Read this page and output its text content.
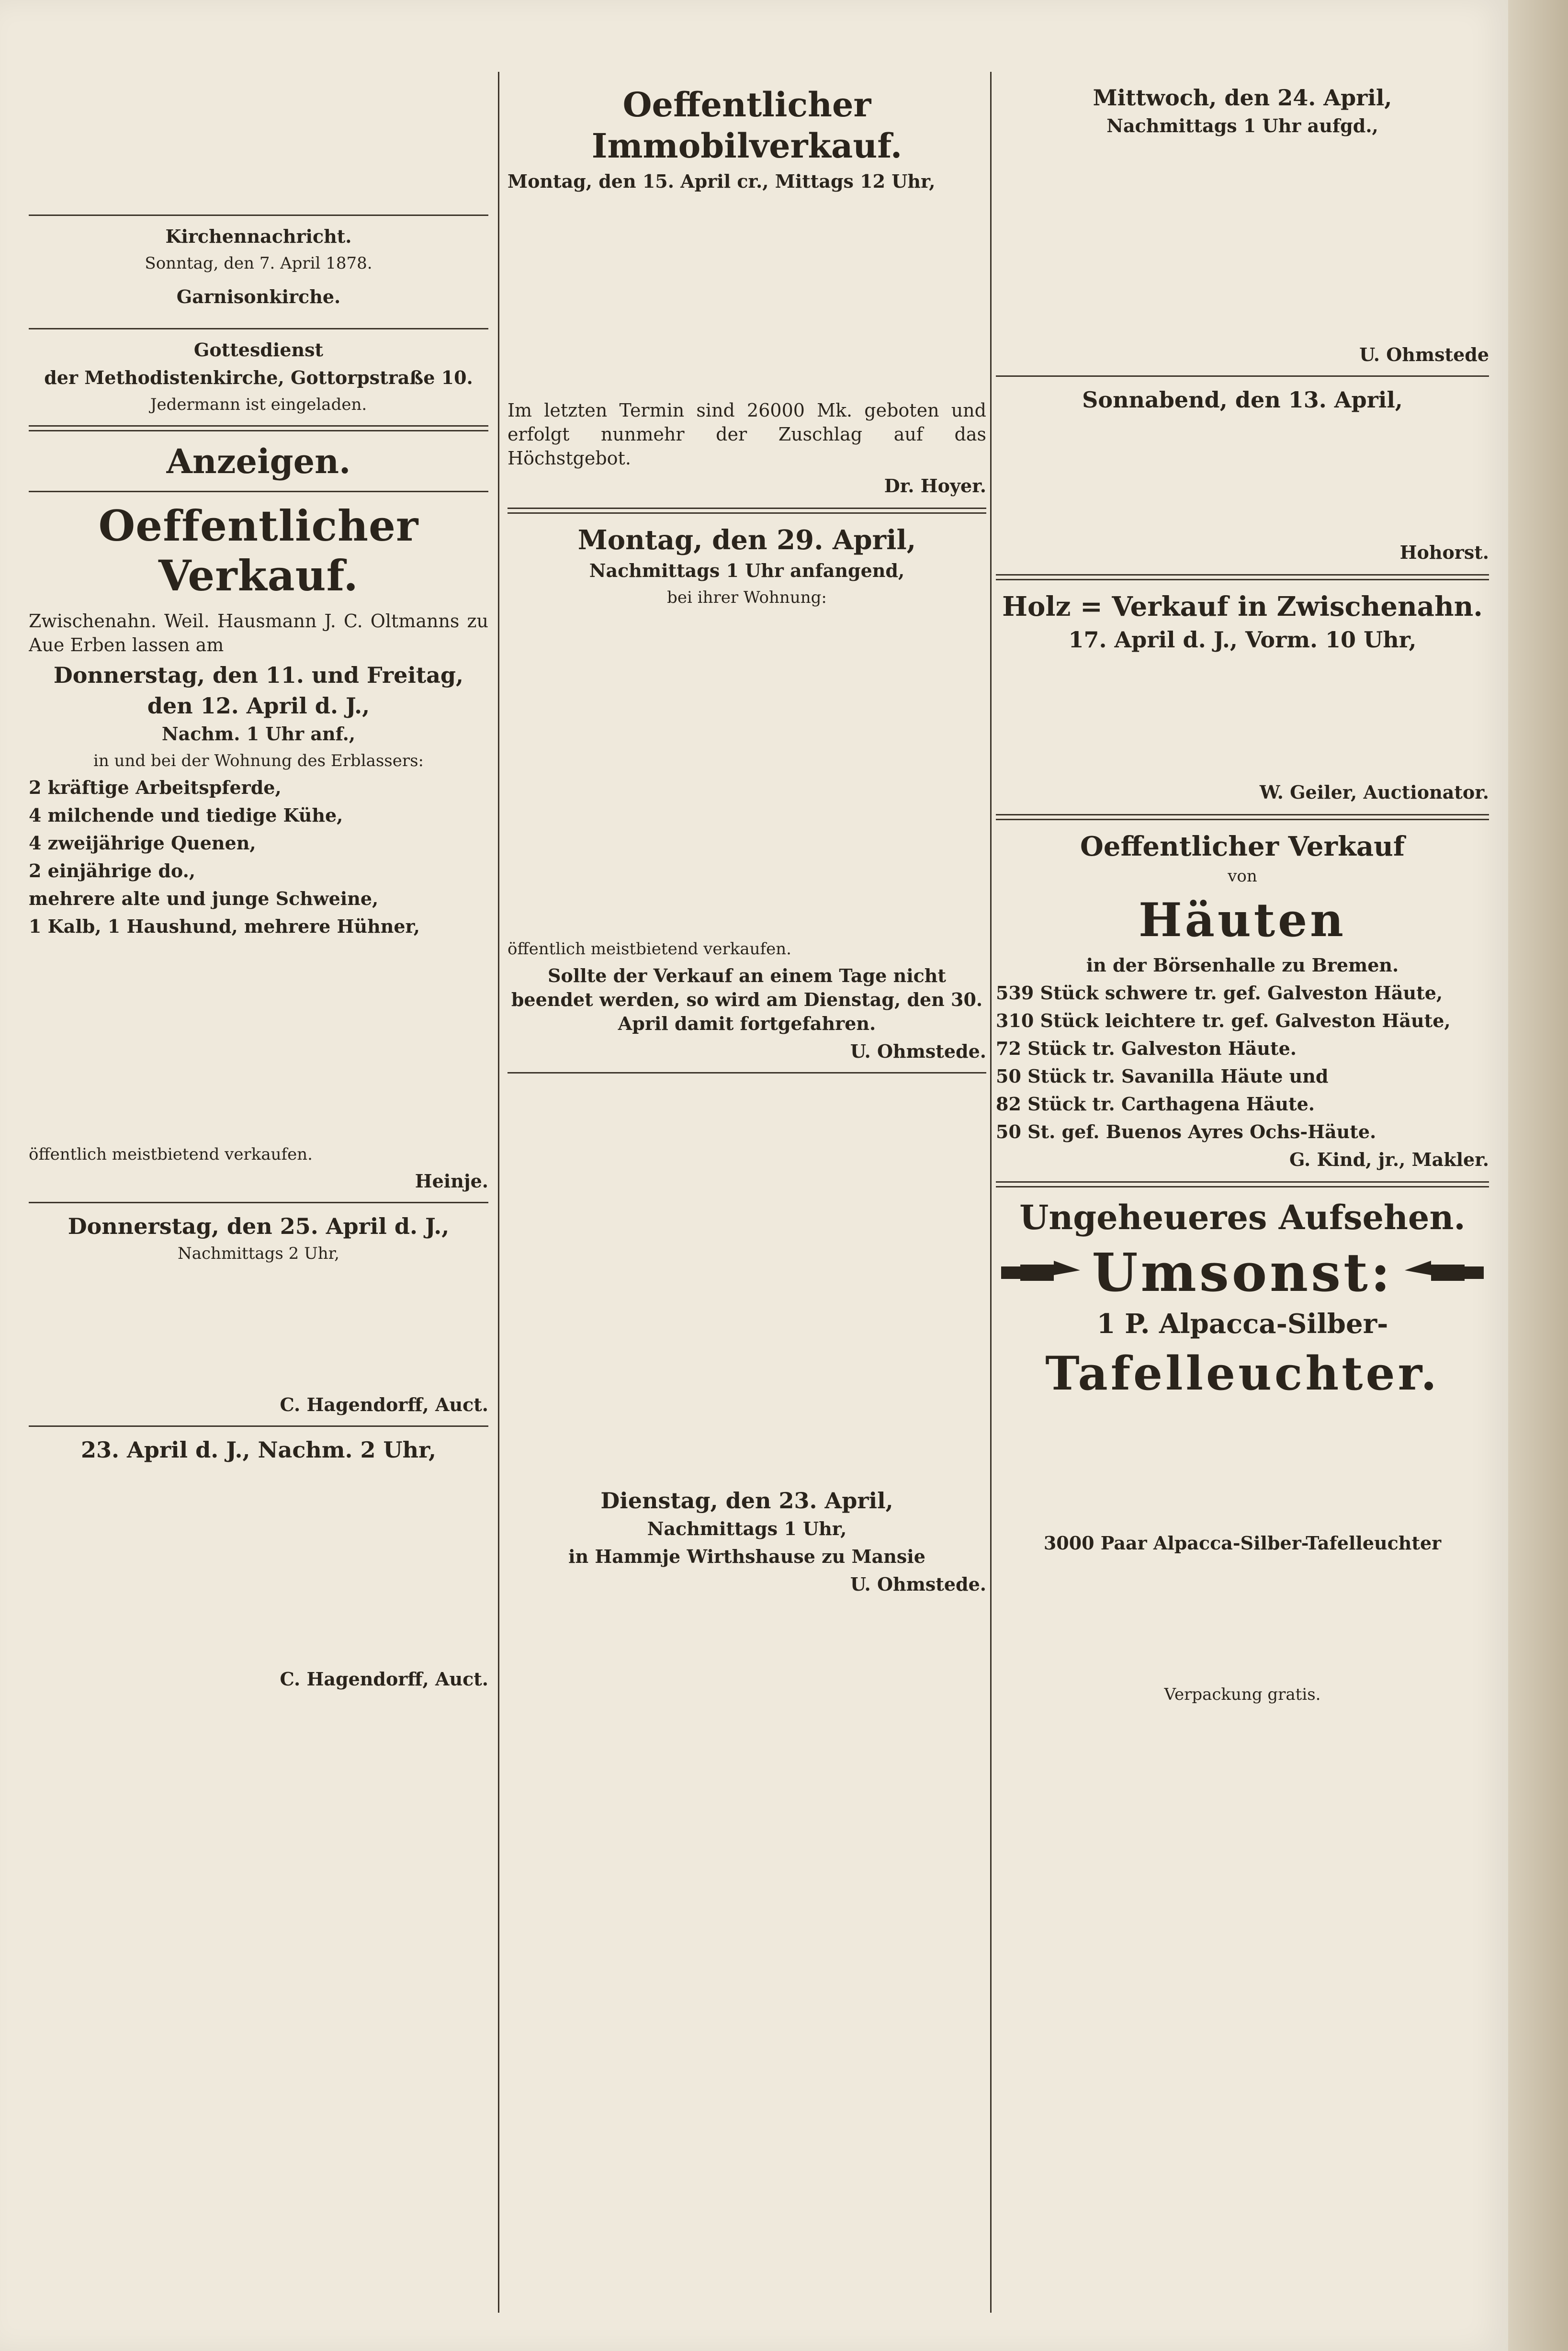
Kirchennachricht.

Sonntag, den 7. April 1878.

Garnisonkirche.

Gottesdienst

der Methodistenkirche, Gottorpstraße 10.

Jedermann ist eingeladen.

Anzeigen.

Oeffentlicher Verkauf.

Zwischenahn. Weil. Hausmann J. C. Oltmanns zu Aue Erben lassen am

Donnerstag, den 11. und Freitag,

den 12. April d. J.,

Nachm. 1 Uhr anf.,

in und bei der Wohnung des Erblassers:

2 kräftige Arbeitspferde,

4 milchende und tiedige Kühe,

4 zweijährige Quenen,

2 einjährige do.,

mehrere alte und junge Schweine,

1 Kalb, 1 Haushund, mehrere Hühner,

öffentlich meistbietend verkaufen.

Heinje.

Donnerstag, den 25. April d. J.,

Nachmittags 2 Uhr,

C. Hagendorff, Auct.

23. April d. J., Nachm. 2 Uhr,

C. Hagendorff, Auct.

Oeffentlicher Immobilverkauf.

Montag, den 15. April cr., Mittags 12 Uhr,

Im letzten Termin sind 26000 Mk. geboten und erfolgt nunmehr der Zuschlag auf das Höchstgebot.

Dr. Hoyer.

Montag, den 29. April,

Nachmittags 1 Uhr anfangend,

bei ihrer Wohnung:

öffentlich meistbietend verkaufen.

Sollte der Verkauf an einem Tage nicht beendet werden, so wird am Dienstag, den 30. April damit fortgefahren.

U. Ohmstede.

Dienstag, den 23. April,

Nachmittags 1 Uhr,

in Hammje Wirthshause zu Mansie

U. Ohmstede.

Mittwoch, den 24. April,

Nachmittags 1 Uhr aufgd.,

U. Ohmstede

Sonnabend, den 13. April,

Hohorst.

Holz = Verkauf in Zwischenahn.

17. April d. J., Vorm. 10 Uhr,

W. Geiler, Auctionator.

Oeffentlicher Verkauf

von

Häuten

in der Börsenhalle zu Bremen.

539 Stück schwere tr. gef. Galveston Häute,

310 Stück leichtere tr. gef. Galveston Häute,

72 Stück tr. Galveston Häute.

50 Stück tr. Savanilla Häute und

82 Stück tr. Carthagena Häute.

50 St. gef. Buenos Ayres Ochs-Häute.

G. Kind, jr., Makler.

Ungeheueres Aufsehen.

Umsonst:

1 P. Alpacca-Silber-

Tafelleuchter.

3000 Paar Alpacca-Silber-Tafelleuchter

Verpackung gratis.
